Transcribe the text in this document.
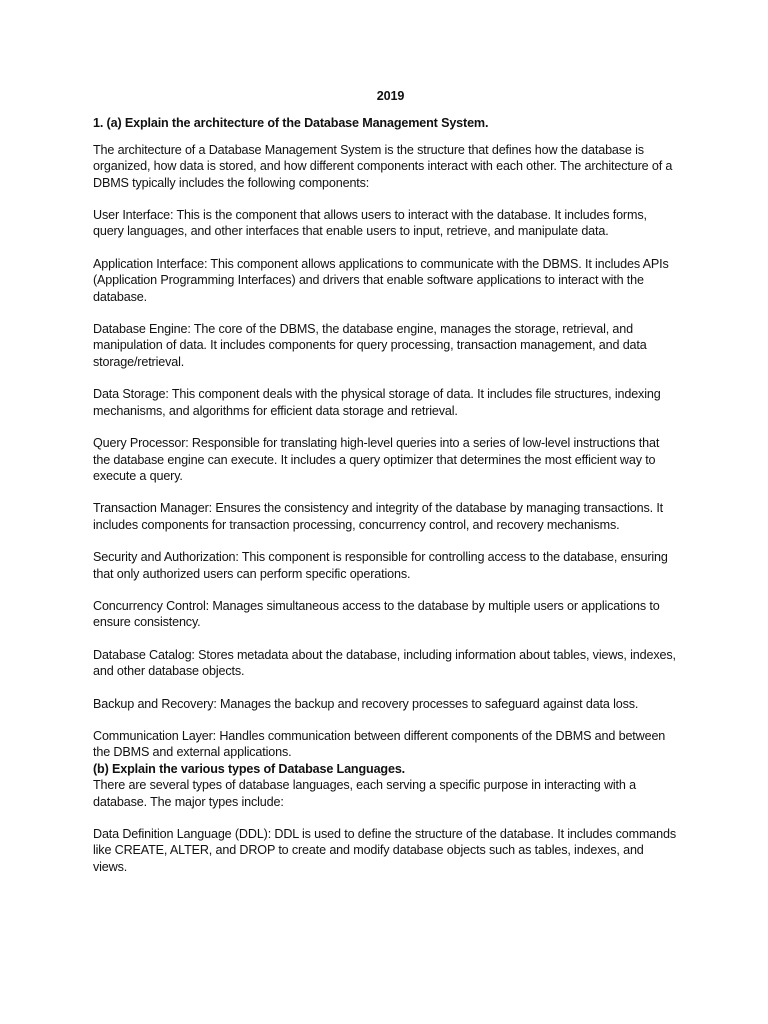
2019

1. (a) Explain the architecture of the Database Management System.

The architecture of a Database Management System is the structure that defines how the database is organized, how data is stored, and how different components interact with each other. The architecture of a DBMS typically includes the following components:

User Interface: This is the component that allows users to interact with the database. It includes forms, query languages, and other interfaces that enable users to input, retrieve, and manipulate data.

Application Interface: This component allows applications to communicate with the DBMS. It includes APIs (Application Programming Interfaces) and drivers that enable software applications to interact with the database.

Database Engine: The core of the DBMS, the database engine, manages the storage, retrieval, and manipulation of data. It includes components for query processing, transaction management, and data storage/retrieval.

Data Storage: This component deals with the physical storage of data. It includes file structures, indexing mechanisms, and algorithms for efficient data storage and retrieval.

Query Processor: Responsible for translating high-level queries into a series of low-level instructions that the database engine can execute. It includes a query optimizer that determines the most efficient way to execute a query.

Transaction Manager: Ensures the consistency and integrity of the database by managing transactions. It includes components for transaction processing, concurrency control, and recovery mechanisms.

Security and Authorization: This component is responsible for controlling access to the database, ensuring that only authorized users can perform specific operations.

Concurrency Control: Manages simultaneous access to the database by multiple users or applications to ensure consistency.

Database Catalog: Stores metadata about the database, including information about tables, views, indexes, and other database objects.

Backup and Recovery: Manages the backup and recovery processes to safeguard against data loss.

Communication Layer: Handles communication between different components of the DBMS and between the DBMS and external applications.

(b) Explain the various types of Database Languages.

There are several types of database languages, each serving a specific purpose in interacting with a database. The major types include:

Data Definition Language (DDL): DDL is used to define the structure of the database. It includes commands like CREATE, ALTER, and DROP to create and modify database objects such as tables, indexes, and views.
